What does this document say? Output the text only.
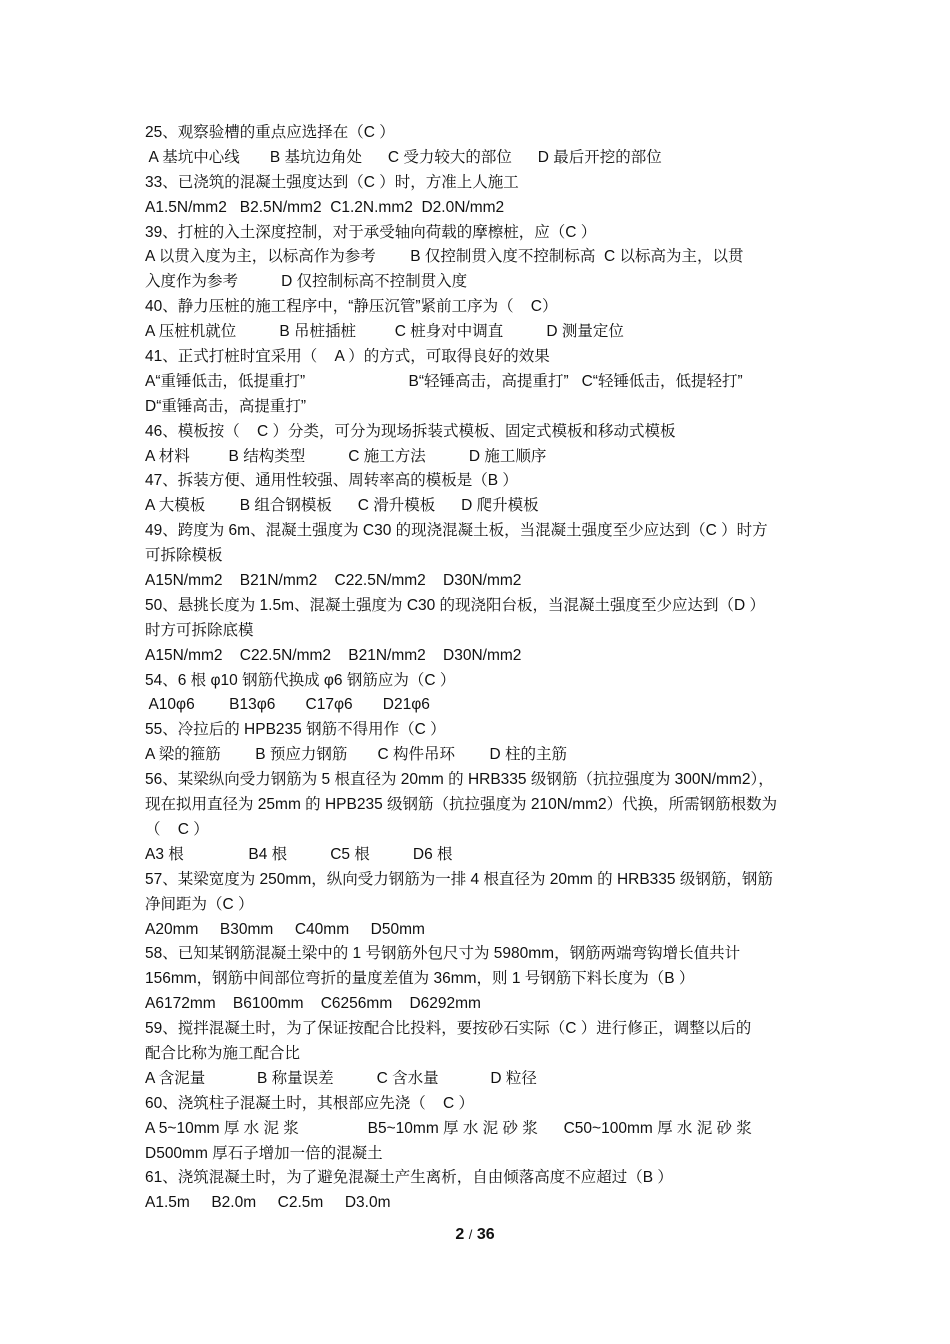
25、观察验槽的重点应选择在（C ）
A 基坑中心线       B 基坑边角处      C 受力较大的部位      D 最后开挖的部位
33、已浇筑的混凝土强度达到（C ）时，方准上人施工
A1.5N/mm2   B2.5N/mm2  C1.2N.mm2  D2.0N/mm2
39、打桩的入土深度控制，对于承受轴向荷载的摩檫桩，应（C ）
A 以贯入度为主，以标高作为参考        B 仅控制贯入度不控制标高  C 以标高为主，以贯
入度作为参考          D 仅控制标高不控制贯入度
40、静力压桩的施工程序中，“静压沉管”紧前工序为（    C）
A 压桩机就位          B 吊桩插桩         C 桩身对中调直          D 测量定位
41、正式打桩时宜采用（    A ）的方式，可取得良好的效果
A“重锤低击，低提重打”                        B“轻锤高击，高提重打”   C“轻锤低击，低提轻打”
D“重锤高击，高提重打”
46、模板按（    C ）分类，可分为现场拆装式模板、固定式模板和移动式模板
A 材料         B 结构类型          C 施工方法          D 施工顺序
47、拆装方便、通用性较强、周转率高的模板是（B ）
A 大模板        B 组合钢模板      C 滑升模板      D 爬升模板
49、跨度为 6m、混凝土强度为 C30 的现浇混凝土板，当混凝土强度至少应达到（C ）时方
可拆除模板
A15N/mm2    B21N/mm2    C22.5N/mm2    D30N/mm2
50、悬挑长度为 1.5m、混凝土强度为 C30 的现浇阳台板，当混凝土强度至少应达到（D ）
时方可拆除底模
A15N/mm2    C22.5N/mm2    B21N/mm2    D30N/mm2
54、6 根 φ10 钢筋代换成 φ6 钢筋应为（C ）
A10φ6        B13φ6       C17φ6       D21φ6
55、冷拉后的 HPB235 钢筋不得用作（C ）
A 梁的箍筋        B 预应力钢筋       C 构件吊环        D 柱的主筋
56、某梁纵向受力钢筋为 5 根直径为 20mm 的 HRB335 级钢筋（抗拉强度为 300N/mm2），
现在拟用直径为 25mm 的 HPB235 级钢筋（抗拉强度为 210N/mm2）代换，所需钢筋根数为
（    C ）
A3 根               B4 根          C5 根          D6 根
57、某梁宽度为 250mm，纵向受力钢筋为一排 4 根直径为 20mm 的 HRB335 级钢筋，钢筋
净间距为（C ）
A20mm     B30mm     C40mm     D50mm
58、已知某钢筋混凝土梁中的 1 号钢筋外包尺寸为 5980mm，钢筋两端弯钩增长值共计
156mm，钢筋中间部位弯折的量度差值为 36mm，则 1 号钢筋下料长度为（B ）
A6172mm    B6100mm    C6256mm    D6292mm
59、搅拌混凝土时，为了保证按配合比投料，要按砂石实际（C ）进行修正，调整以后的
配合比称为施工配合比
A 含泥量            B 称量误差          C 含水量            D 粒径
60、浇筑柱子混凝土时，其根部应先浇（    C ）
A 5~10mm 厚 水 泥 浆                B5~10mm 厚 水 泥 砂 浆      C50~100mm 厚 水 泥 砂 浆
D500mm 厚石子增加一倍的混凝土
61、浇筑混凝土时，为了避免混凝土产生离析，自由倾落高度不应超过（B ）
A1.5m     B2.0m     C2.5m     D3.0m
2 / 36
